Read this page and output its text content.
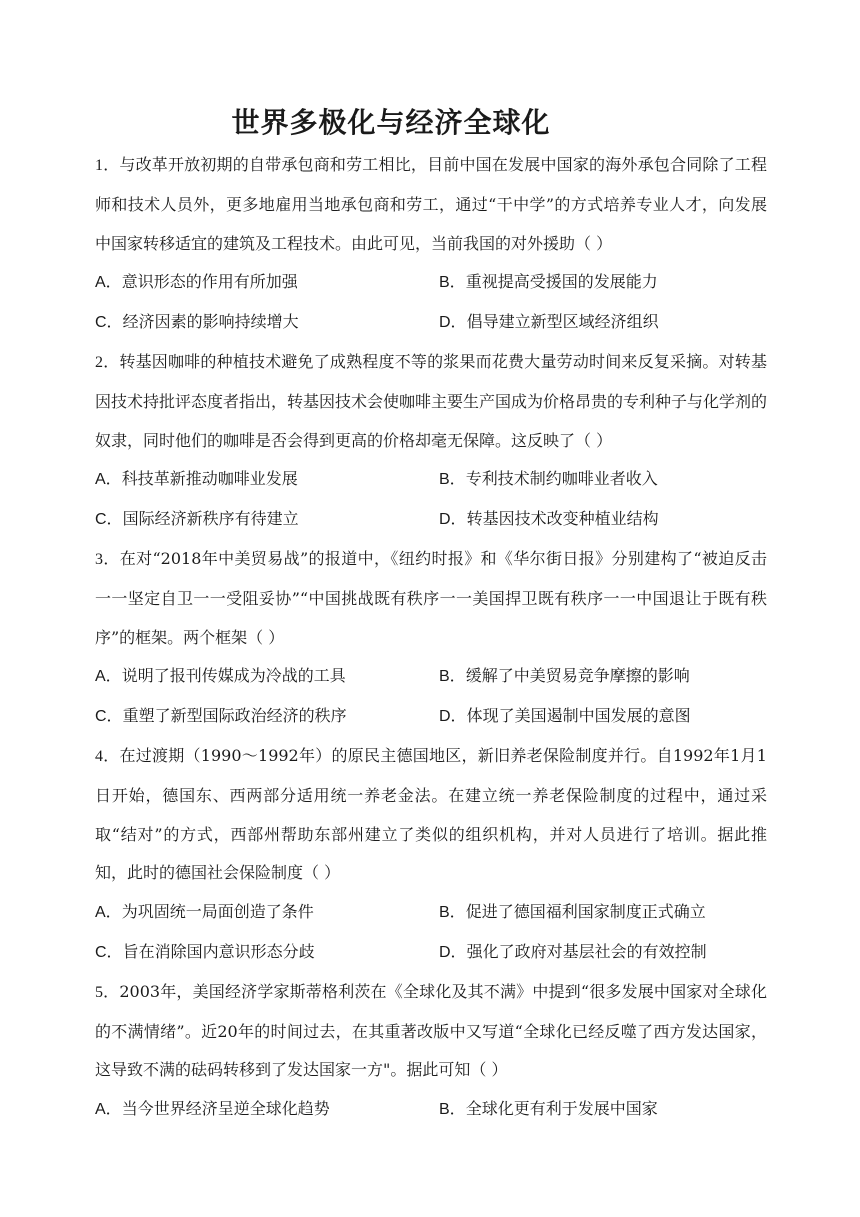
世界多极化与经济全球化

1．与改革开放初期的自带承包商和劳工相比，目前中国在发展中国家的海外承包合同除了工程师和技术人员外，更多地雇用当地承包商和劳工，通过“干中学”的方式培养专业人才，向发展中国家转移适宜的建筑及工程技术。由此可见，当前我国的对外援助（ ）

A．意识形态的作用有所加强	B．重视提高受援国的发展能力
C．经济因素的影响持续增大	D．倡导建立新型区域经济组织

2．转基因咖啡的种植技术避免了成熟程度不等的浆果而花费大量劳动时间来反复采摘。对转基因技术持批评态度者指出，转基因技术会使咖啡主要生产国成为价格昂贵的专利种子与化学剂的奴隶，同时他们的咖啡是否会得到更高的价格却毫无保障。这反映了（ ）

A．科技革新推动咖啡业发展	B．专利技术制约咖啡业者收入
C．国际经济新秩序有待建立	D．转基因技术改变种植业结构

3．在对“2018年中美贸易战”的报道中，《纽约时报》和《华尔街日报》分别建构了“被迫反击一一坚定自卫一一受阻妥协”“中国挑战既有秩序一一美国捍卫既有秩序一一中国退让于既有秩序”的框架。两个框架（ ）

A．说明了报刊传媒成为冷战的工具	B．缓解了中美贸易竞争摩擦的影响
C．重塑了新型国际政治经济的秩序	D．体现了美国遏制中国发展的意图

4．在过渡期（1990～1992年）的原民主德国地区，新旧养老保险制度并行。自1992年1月1日开始，德国东、西两部分适用统一养老金法。在建立统一养老保险制度的过程中，通过采取“结对”的方式，西部州帮助东部州建立了类似的组织机构，并对人员进行了培训。据此推知，此时的德国社会保险制度（ ）

A．为巩固统一局面创造了条件	B．促进了德国福利国家制度正式确立
C．旨在消除国内意识形态分歧	D．强化了政府对基层社会的有效控制

5．2003年，美国经济学家斯蒂格利茨在《全球化及其不满》中提到“很多发展中国家对全球化的不满情绪”。近20年的时间过去，在其重著改版中又写道“全球化已经反噬了西方发达国家，这导致不满的砝码转移到了发达国家一方"。据此可知（ ）

A．当今世界经济呈逆全球化趋势	B．全球化更有利于发展中国家
